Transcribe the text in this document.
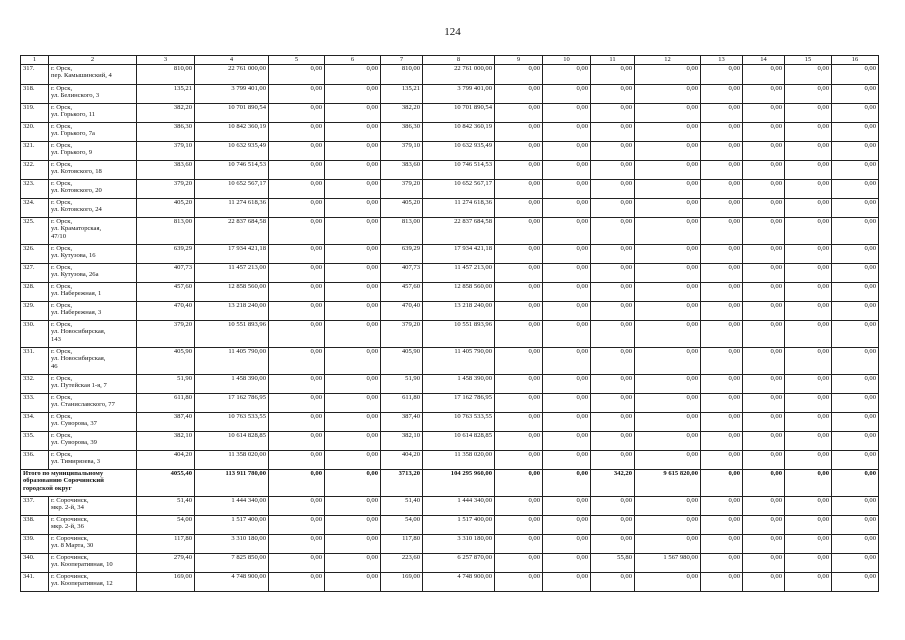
124
1	2	3	4	5	6	7	8	9	10	11	12	13	14	15	16
317.	г. Орск,
пер. Камышинский, 4	810,00	22 761 000,00	0,00	0,00	810,00	22 761 000,00	0,00	0,00	0,00	0,00	0,00	0,00	0,00	0,00
318.	г. Орск,
ул. Белинского, 3	135,21	3 799 401,00	0,00	0,00	135,21	3 799 401,00	0,00	0,00	0,00	0,00	0,00	0,00	0,00	0,00
319.	г. Орск,
ул. Горького, 11	382,20	10 701 890,54	0,00	0,00	382,20	10 701 890,54	0,00	0,00	0,00	0,00	0,00	0,00	0,00	0,00
320.	г. Орск,
ул. Горького, 7а	386,30	10 842 360,19	0,00	0,00	386,30	10 842 360,19	0,00	0,00	0,00	0,00	0,00	0,00	0,00	0,00
321.	г. Орск,
ул. Горького, 9	379,10	10 632 935,49	0,00	0,00	379,10	10 632 935,49	0,00	0,00	0,00	0,00	0,00	0,00	0,00	0,00
322.	г. Орск,
ул. Котовского, 18	383,60	10 746 514,53	0,00	0,00	383,60	10 746 514,53	0,00	0,00	0,00	0,00	0,00	0,00	0,00	0,00
323.	г. Орск,
ул. Котовского, 20	379,20	10 652 567,17	0,00	0,00	379,20	10 652 567,17	0,00	0,00	0,00	0,00	0,00	0,00	0,00	0,00
324.	г. Орск,
ул. Котовского, 24	405,20	11 274 618,36	0,00	0,00	405,20	11 274 618,36	0,00	0,00	0,00	0,00	0,00	0,00	0,00	0,00
325.	г. Орск,
ул. Краматорская,
47/10	813,00	22 837 684,58	0,00	0,00	813,00	22 837 684,58	0,00	0,00	0,00	0,00	0,00	0,00	0,00	0,00
326.	г. Орск,
ул. Кутузова, 16	639,29	17 934 421,18	0,00	0,00	639,29	17 934 421,18	0,00	0,00	0,00	0,00	0,00	0,00	0,00	0,00
327.	г. Орск,
ул. Кутузова, 26а	407,73	11 457 213,00	0,00	0,00	407,73	11 457 213,00	0,00	0,00	0,00	0,00	0,00	0,00	0,00	0,00
328.	г. Орск,
ул. Набережная, 1	457,60	12 858 560,00	0,00	0,00	457,60	12 858 560,00	0,00	0,00	0,00	0,00	0,00	0,00	0,00	0,00
329.	г. Орск,
ул. Набережная, 3	470,40	13 218 240,00	0,00	0,00	470,40	13 218 240,00	0,00	0,00	0,00	0,00	0,00	0,00	0,00	0,00
330.	г. Орск,
ул. Новосибирская,
143	379,20	10 551 893,96	0,00	0,00	379,20	10 551 893,96	0,00	0,00	0,00	0,00	0,00	0,00	0,00	0,00
331.	г. Орск,
ул. Новосибирская,
46	405,90	11 405 790,00	0,00	0,00	405,90	11 405 790,00	0,00	0,00	0,00	0,00	0,00	0,00	0,00	0,00
332.	г. Орск,
ул. Путейская 1-я, 7	51,90	1 458 390,00	0,00	0,00	51,90	1 458 390,00	0,00	0,00	0,00	0,00	0,00	0,00	0,00	0,00
333.	г. Орск,
ул. Станиславского, 77	611,80	17 162 786,95	0,00	0,00	611,80	17 162 786,95	0,00	0,00	0,00	0,00	0,00	0,00	0,00	0,00
334.	г. Орск,
ул. Суворова, 37	387,40	10 763 533,55	0,00	0,00	387,40	10 763 533,55	0,00	0,00	0,00	0,00	0,00	0,00	0,00	0,00
335.	г. Орск,
ул. Суворова, 39	382,10	10 614 828,85	0,00	0,00	382,10	10 614 828,85	0,00	0,00	0,00	0,00	0,00	0,00	0,00	0,00
336.	г. Орск,
ул. Тимирязева, 3	404,20	11 358 020,00	0,00	0,00	404,20	11 358 020,00	0,00	0,00	0,00	0,00	0,00	0,00	0,00	0,00

Итого по муниципальному
образованию Сорочинский
городской округ		4055,40	113 911 780,00	0,00	0,00	3713,20	104 295 960,00	0,00	0,00	342,20	9 615 820,00	0,00	0,00	0,00	0,00
337.	г. Сорочинск,
мкр. 2-й, 34	51,40	1 444 340,00	0,00	0,00	51,40	1 444 340,00	0,00	0,00	0,00	0,00	0,00	0,00	0,00	0,00
338.	г. Сорочинск,
мкр. 2-й, 36	54,00	1 517 400,00	0,00	0,00	54,00	1 517 400,00	0,00	0,00	0,00	0,00	0,00	0,00	0,00	0,00
339.	г. Сорочинск,
ул. 8 Марта, 30	117,80	3 310 180,00	0,00	0,00	117,80	3 310 180,00	0,00	0,00	0,00	0,00	0,00	0,00	0,00	0,00
340.	г. Сорочинск,
ул. Кооперативная, 10	279,40	7 825 850,00	0,00	0,00	223,60	6 257 870,00	0,00	0,00	55,80	1 567 980,00	0,00	0,00	0,00	0,00
341.	г. Сорочинск,
ул. Кооперативная, 12	169,00	4 748 900,00	0,00	0,00	169,00	4 748 900,00	0,00	0,00	0,00	0,00	0,00	0,00	0,00	0,00
